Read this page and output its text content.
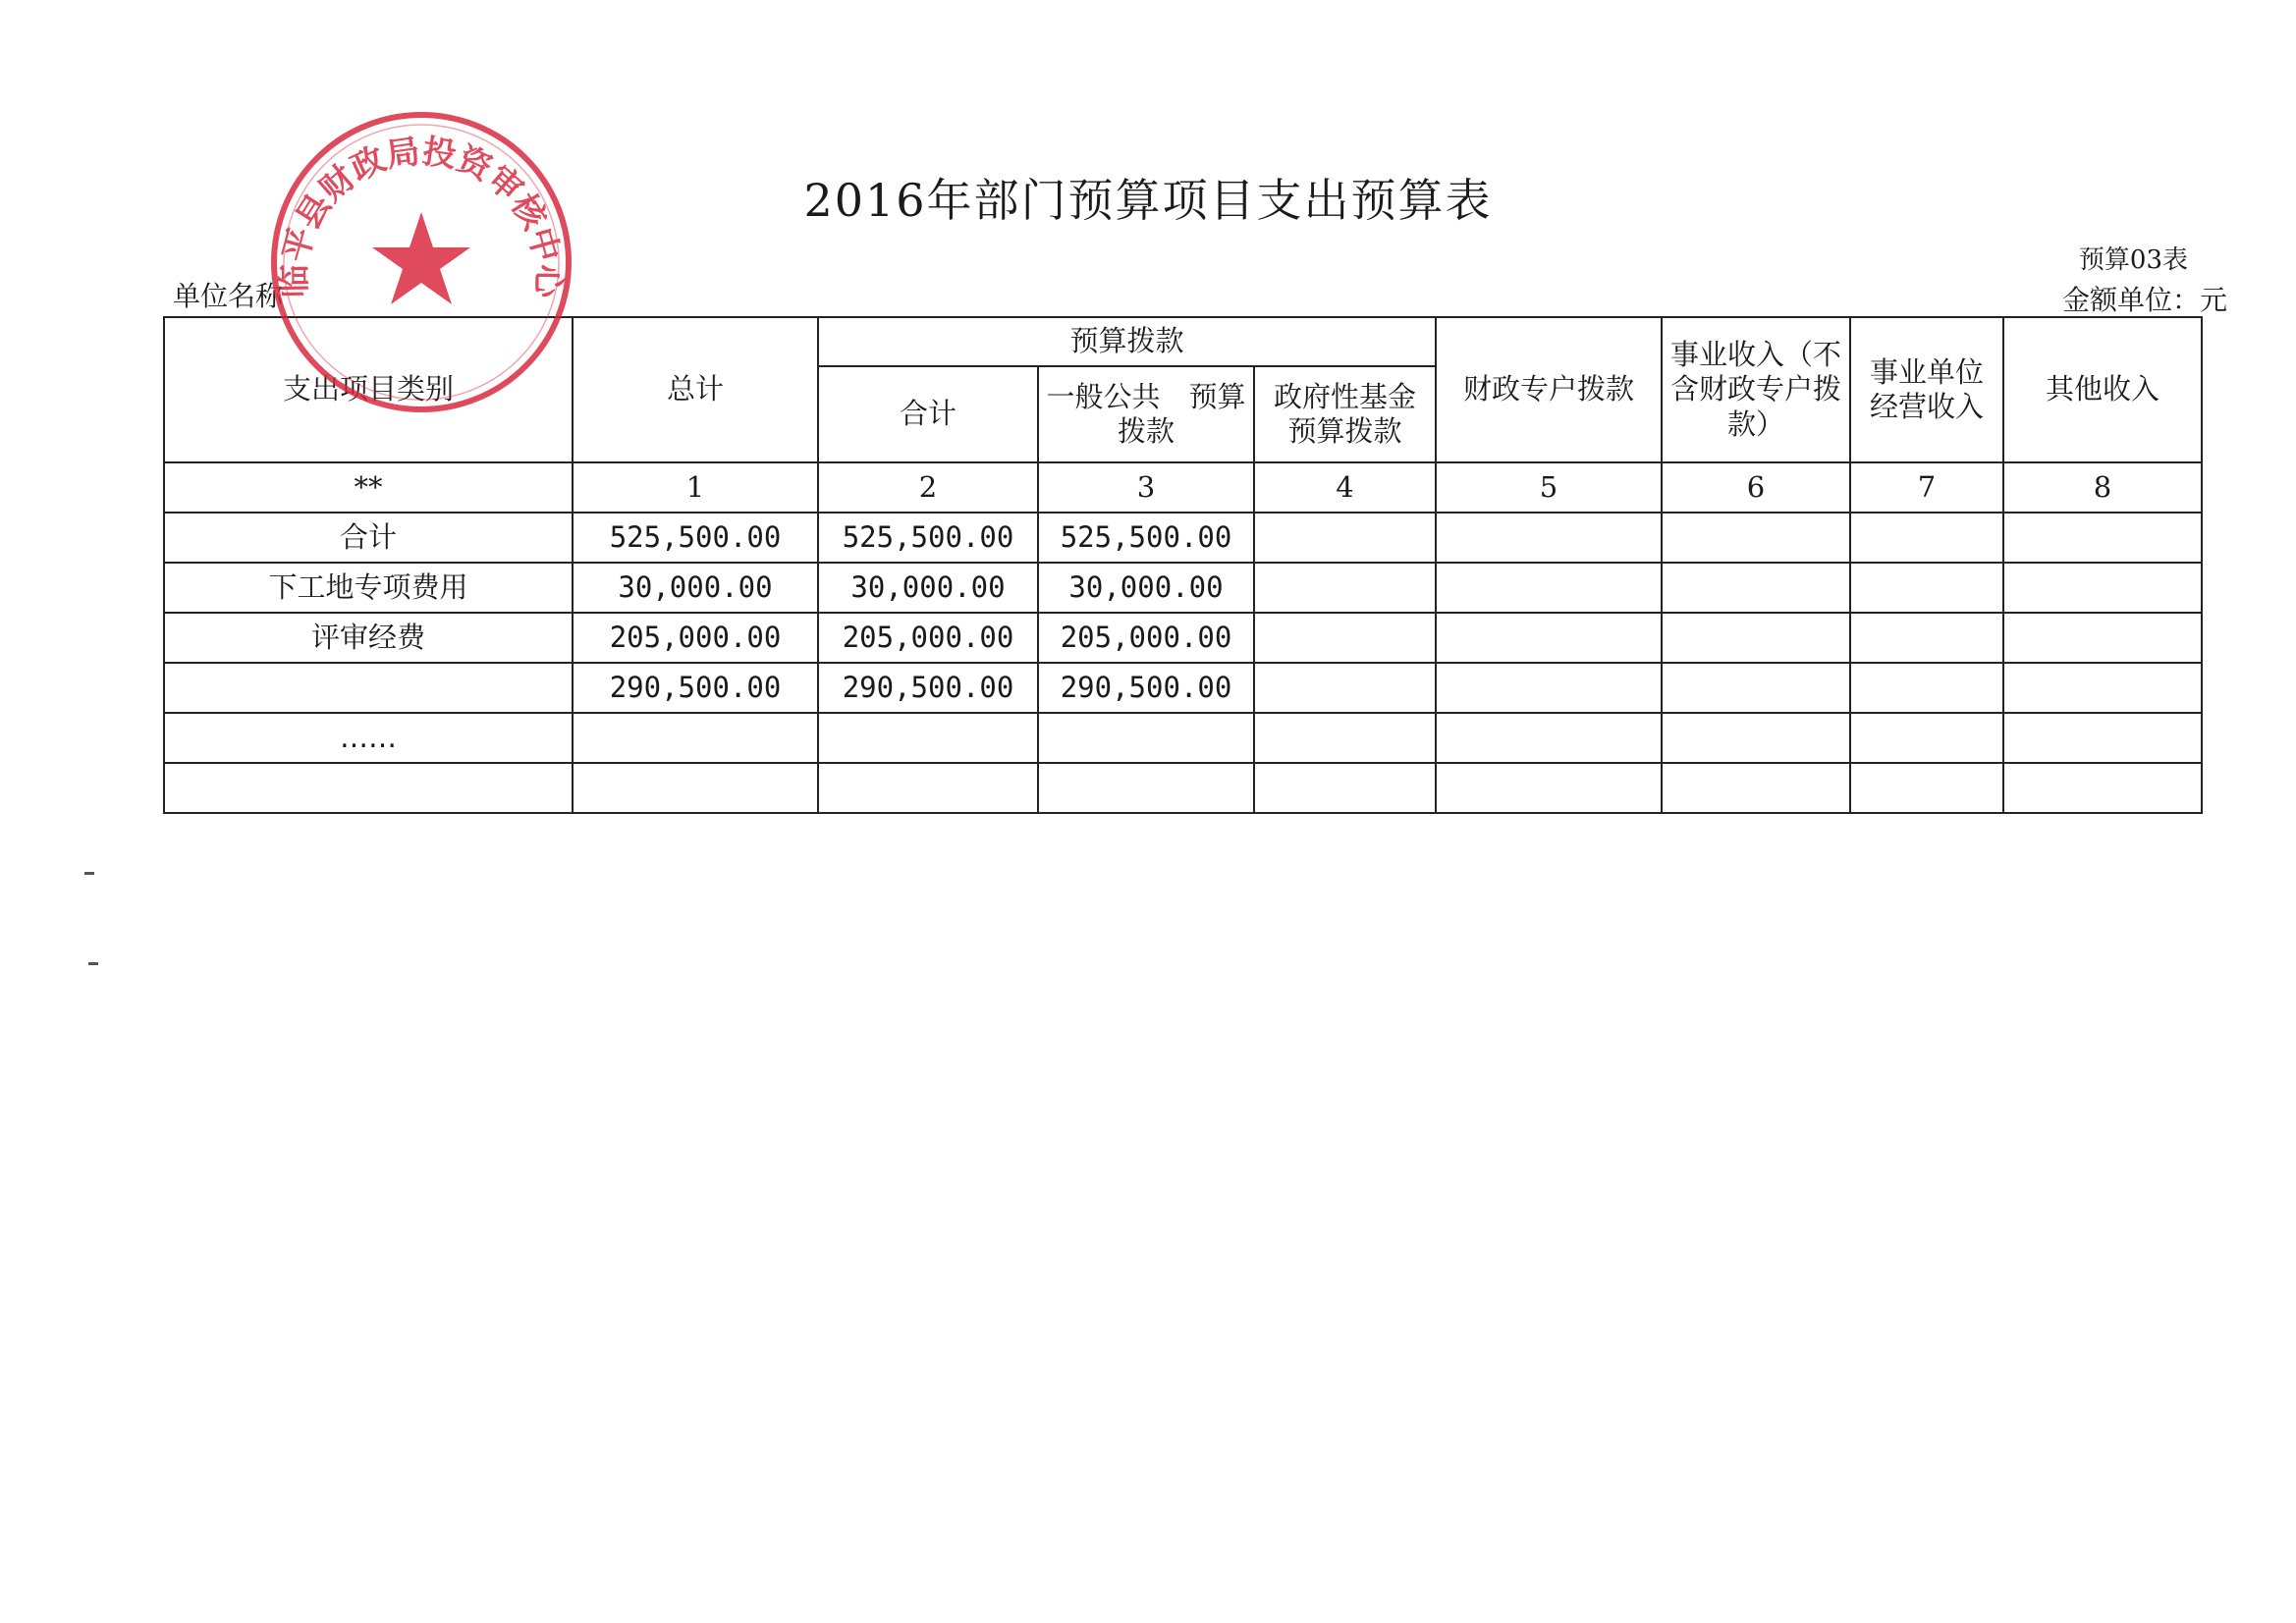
2016年部门预算项目支出预算表
预算03表
单位名称	金额单位：元
支出项目类别	总计	预算拨款			财政专户拨款	事业收入（不含财政专户拨款）	事业单位经营收入	其他收入
		合计	一般公共　预算拨款	政府性基金预算拨款				
**	1	2	3	4	5	6	7	8
合计	525,500.00	525,500.00	525,500.00					
下工地专项费用	30,000.00	30,000.00	30,000.00					
评审经费	205,000.00	205,000.00	205,000.00					
	290,500.00	290,500.00	290,500.00					
……								

临平县财政局投资审核中心
